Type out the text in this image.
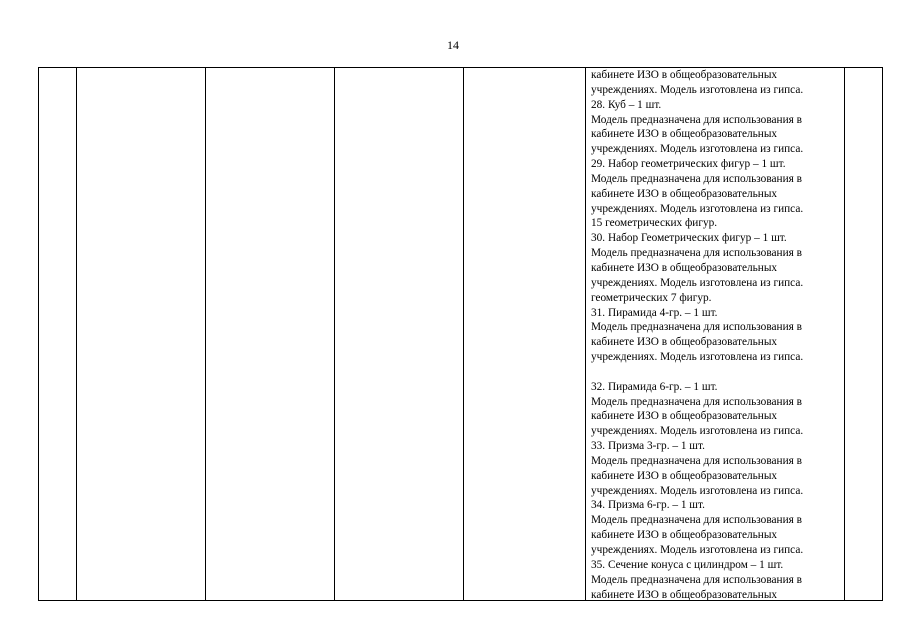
14
кабинете ИЗО в общеобразовательных
учреждениях. Модель изготовлена из гипса.
28. Куб – 1 шт.
Модель предназначена для использования в
кабинете ИЗО в общеобразовательных
учреждениях. Модель изготовлена из гипса.
29. Набор геометрических фигур – 1 шт.
Модель предназначена для использования в
кабинете ИЗО в общеобразовательных
учреждениях. Модель изготовлена из гипса.
15 геометрических фигур.
30. Набор Геометрических фигур – 1 шт.
Модель предназначена для использования в
кабинете ИЗО в общеобразовательных
учреждениях. Модель изготовлена из гипса.
геометрических 7 фигур.
31. Пирамида 4-гр. – 1 шт.
Модель предназначена для использования в
кабинете ИЗО в общеобразовательных
учреждениях. Модель изготовлена из гипса.
32. Пирамида 6-гр. – 1 шт.
Модель предназначена для использования в
кабинете ИЗО в общеобразовательных
учреждениях. Модель изготовлена из гипса.
33. Призма 3-гр. – 1 шт.
Модель предназначена для использования в
кабинете ИЗО в общеобразовательных
учреждениях. Модель изготовлена из гипса.
34. Призма 6-гр. – 1 шт.
Модель предназначена для использования в
кабинете ИЗО в общеобразовательных
учреждениях. Модель изготовлена из гипса.
35. Сечение конуса с цилиндром – 1 шт.
Модель предназначена для использования в
кабинете ИЗО в общеобразовательных
